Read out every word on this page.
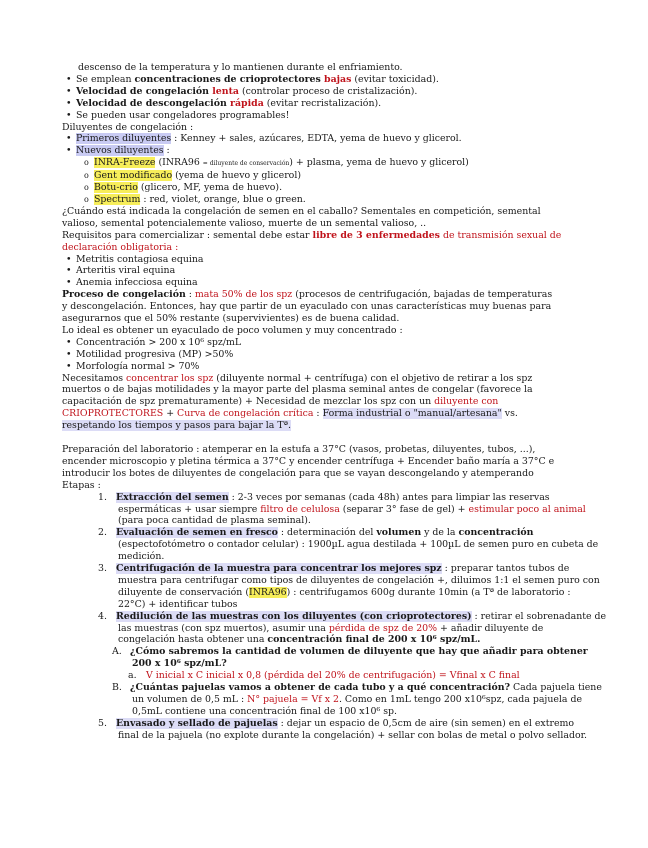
descenso de la temperatura y lo mantienen durante el enfriamiento.
• Se emplean concentraciones de crioprotectores bajas (evitar toxicidad).
• Velocidad de congelación lenta (controlar proceso de cristalización).
• Velocidad de descongelación rápida (evitar recristalización).
• Se pueden usar congeladores programables!
Diluyentes de congelación :
• Primeros diluyentes : Kenney + sales, azúcares, EDTA, yema de huevo y glicerol.
• Nuevos diluyentes :
o INRA-Freeze (INRA96 = diluyente de conservación) + plasma, yema de huevo y glicerol)
o Gent modificado (yema de huevo y glicerol)
o Botu-crio (glicero, MF, yema de huevo).
o Spectrum : red, violet, orange, blue o green.
¿Cuándo está indicada la congelación de semen en el caballo? Sementales en competición, semental
valioso, semental potencialemente valioso, muerte de un semental valioso, ..
Requisitos para comercializar : semental debe estar libre de 3 enfermedades de transmisión sexual de
declaración obligatoria :
• Metritis contagiosa equina
• Arteritis viral equina
• Anemia infecciosa equina
Proceso de congelación : mata 50% de los spz (procesos de centrifugación, bajadas de temperaturas
y descongelación. Entonces, hay que partir de un eyaculado con unas características muy buenas para
asegurarnos que el 50% restante (supervivientes) es de buena calidad.
Lo ideal es obtener un eyaculado de poco volumen y muy concentrado :
• Concentración > 200 x 10⁶ spz/mL
• Motilidad progresiva (MP) >50%
• Morfología normal > 70%
Necesitamos concentrar los spz (diluyente normal + centrífuga) con el objetivo de retirar a los spz
muertos o de bajas motilidades y la mayor parte del plasma seminal antes de congelar (favorece la
capacitación de spz prematuramente) + Necesidad de mezclar los spz con un diluyente con
CRIOPROTECTORES + Curva de congelación crítica : Forma industrial o "manual/artesana" vs.
respetando los tiempos y pasos para bajar la Tª.
Preparación del laboratorio : atemperar en la estufa a 37°C (vasos, probetas, diluyentes, tubos, ...),
encender microscopio y pletina térmica a 37°C y encender centrífuga + Encender baño maría a 37°C e
introducir los botes de diluyentes de congelación para que se vayan descongelando y atemperando
Etapas :
1. Extracción del semen : 2-3 veces por semanas (cada 48h) antes para limpiar las reservas
espermáticas + usar siempre filtro de celulosa (separar 3° fase de gel) + estimular poco al animal
(para poca cantidad de plasma seminal).
2. Evaluación de semen en fresco : determinación del volumen y de la concentración
(espectofotómetro o contador celular) : 1900µL agua destilada + 100µL de semen puro en cubeta de
medición.
3. Centrifugación de la muestra para concentrar los mejores spz : preparar tantos tubos de
muestra para centrifugar como tipos de diluyentes de congelación +, diluimos 1:1 el semen puro con
diluyente de conservación (INRA96) : centrifugamos 600g durante 10min (a Tª de laboratorio :
22°C) + identificar tubos
4. Redilución de las muestras con los diluyentes (con crioprotectores) : retirar el sobrenadante de
las muestras (con spz muertos), asumir una pérdida de spz de 20% + añadir diluyente de
congelación hasta obtener una concentración final de 200 x 10⁶ spz/mL.
A. ¿Cómo sabremos la cantidad de volumen de diluyente que hay que añadir para obtener
200 x 10⁶ spz/mL?
a. V inicial x C inicial x 0,8 (pérdida del 20% de centrifugación) = Vfinal x C final
B. ¿Cuántas pajuelas vamos a obtener de cada tubo y a qué concentración? Cada pajuela tiene
un volumen de 0,5 mL : N° pajuela = Vf x 2. Como en 1mL tengo 200 x10⁶spz, cada pajuela de
0,5mL contiene una concentración final de 100 x10⁶ sp.
5. Envasado y sellado de pajuelas : dejar un espacio de 0,5cm de aire (sin semen) en el extremo
final de la pajuela (no explote durante la congelación) + sellar con bolas de metal o polvo sellador.
